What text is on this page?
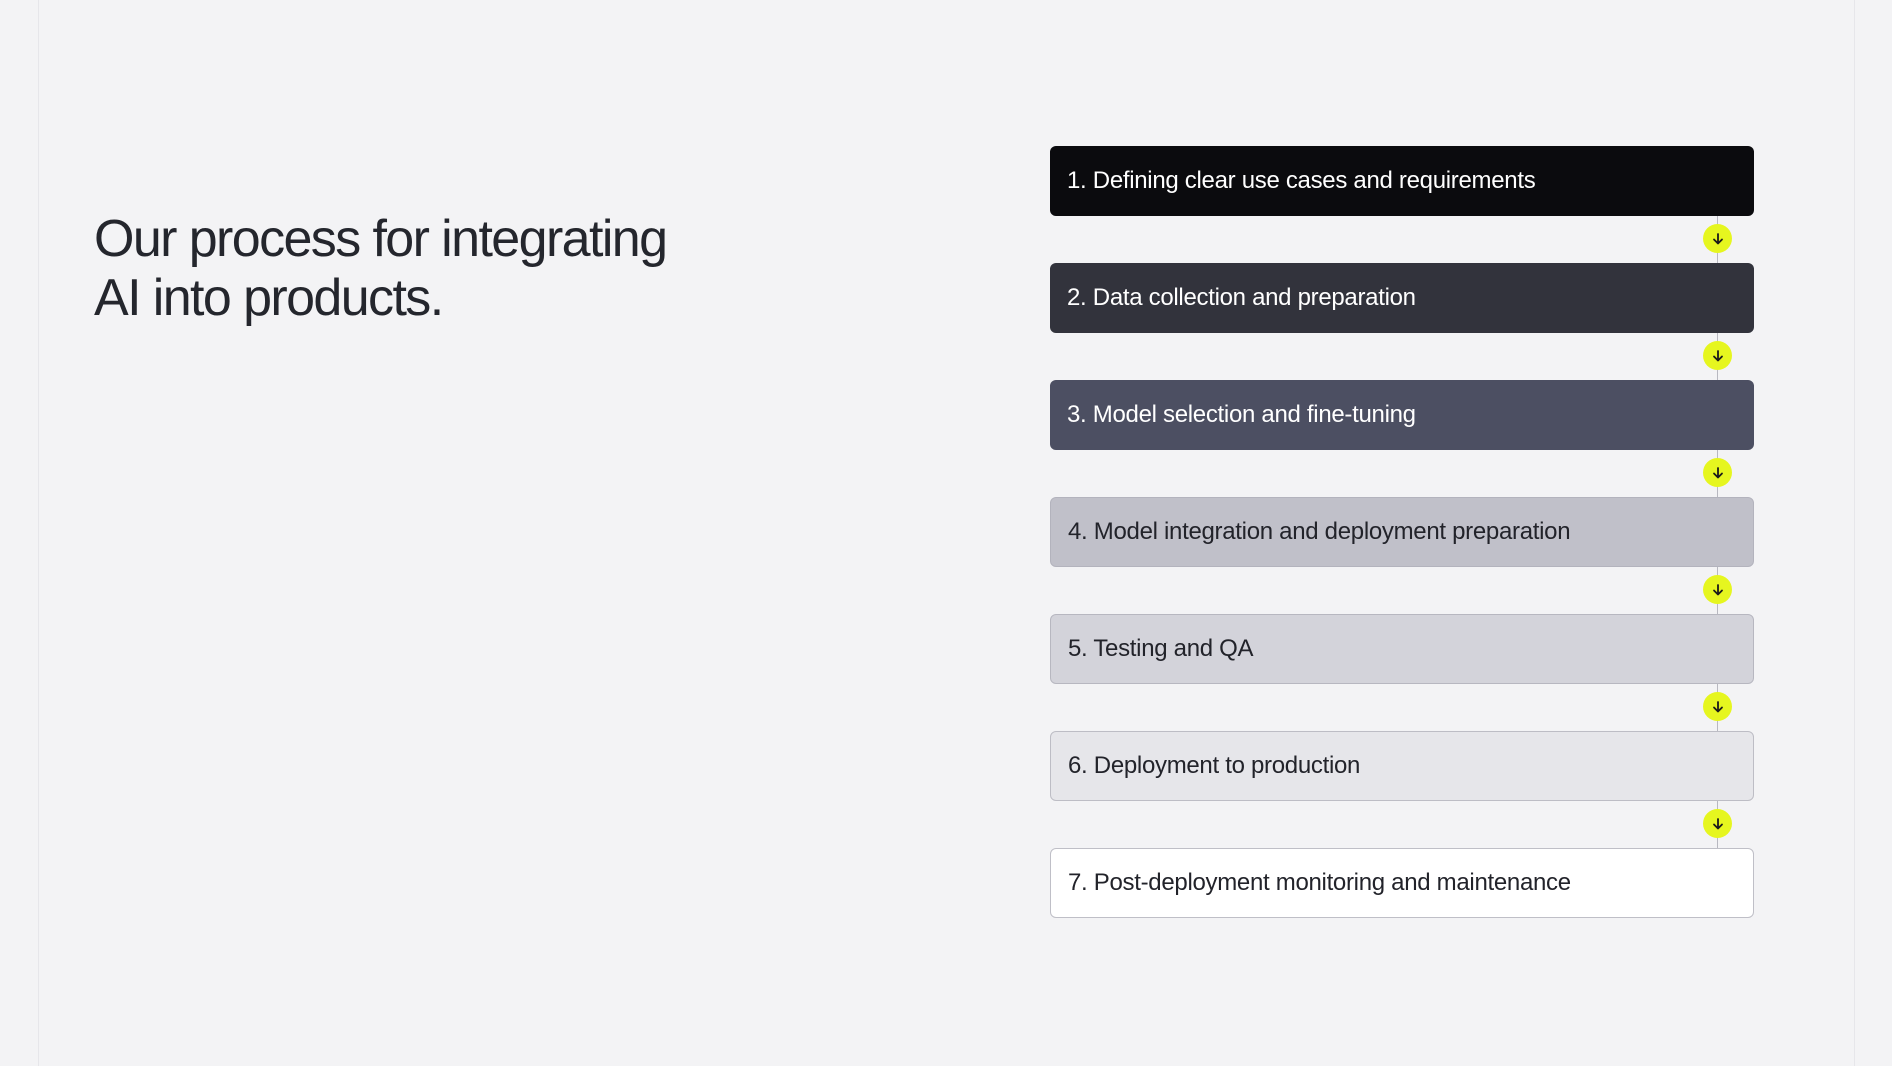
Our process for integrating
AI into products.
1. Defining clear use cases and requirements
2. Data collection and preparation
3. Model selection and fine-tuning
4. Model integration and deployment preparation
5. Testing and QA
6. Deployment to production
7. Post-deployment monitoring and maintenance
